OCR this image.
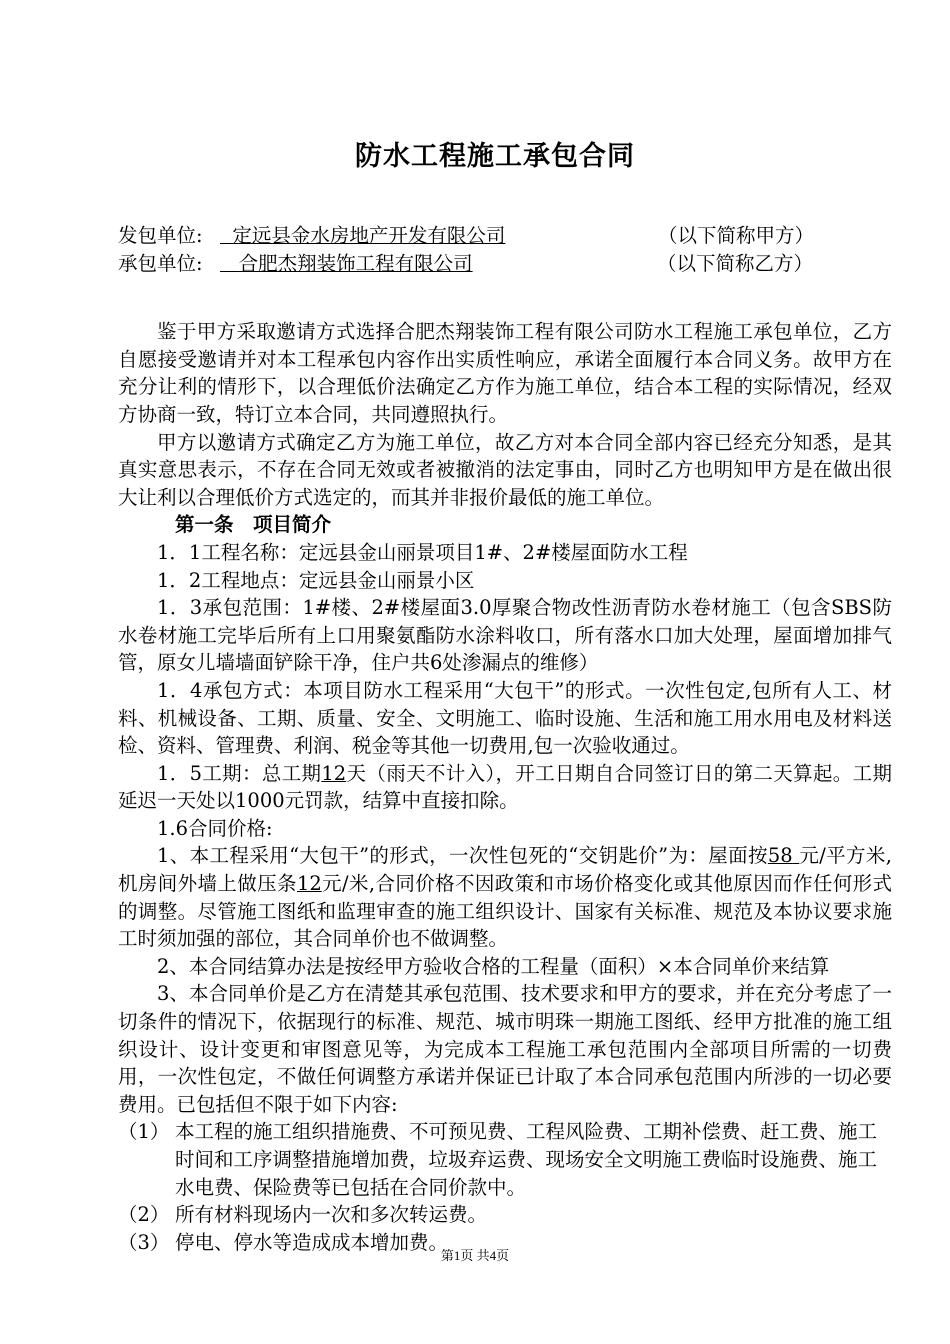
防水工程施工承包合同
发包单位: 定远县金水房地产开发有限公司	（以下简称甲方）
承包单位: 合肥杰翔装饰工程有限公司	（以下简称乙方）

鉴于甲方采取邀请方式选择合肥杰翔装饰工程有限公司防水工程施工承包单位，乙方自愿接受邀请并对本工程承包内容作出实质性响应，承诺全面履行本合同义务。故甲方在充分让利的情形下，以合理低价法确定乙方作为施工单位，结合本工程的实际情况，经双方协商一致，特订立本合同，共同遵照执行。

甲方以邀请方式确定乙方为施工单位，故乙方对本合同全部内容已经充分知悉，是其真实意思表示，不存在合同无效或者被撤消的法定事由，同时乙方也明知甲方是在做出很大让利以合理低价方式选定的，而其并非报价最低的施工单位。

第一条　项目简介

1．1工程名称：定远县金山丽景项目1#、2#楼屋面防水工程

1．2工程地点：定远县金山丽景小区

1．3承包范围：1#楼、2#楼屋面3.0厚聚合物改性沥青防水卷材施工（包含SBS防水卷材施工完毕后所有上口用聚氨酯防水涂料收口，所有落水口加大处理，屋面增加排气管，原女儿墙墙面铲除干净，住户共6处渗漏点的维修）

1．4承包方式：本项目防水工程采用“大包干”的形式。一次性包定,包所有人工、材料、机械设备、工期、质量、安全、文明施工、临时设施、生活和施工用水用电及材料送检、资料、管理费、利润、税金等其他一切费用,包一次验收通过。

1．5工期：总工期12天（雨天不计入），开工日期自合同签订日的第二天算起。工期延迟一天处以1000元罚款，结算中直接扣除。

1.6合同价格:

1、本工程采用“大包干”的形式，一次性包死的“交钥匙价”为：屋面按58 元/平方米,机房间外墙上做压条12元/米,合同价格不因政策和市场价格变化或其他原因而作任何形式的调整。尽管施工图纸和监理审查的施工组织设计、国家有关标准、规范及本协议要求施工时须加强的部位，其合同单价也不做调整。

2、本合同结算办法是按经甲方验收合格的工程量（面积）×本合同单价来结算

3、本合同单价是乙方在清楚其承包范围、技术要求和甲方的要求，并在充分考虑了一切条件的情况下，依据现行的标准、规范、城市明珠一期施工图纸、经甲方批准的施工组织设计、设计变更和审图意见等，为完成本工程施工承包范围内全部项目所需的一切费用，一次性包定，不做任何调整方承诺并保证已计取了本合同承包范围内所涉的一切必要费用。已包括但不限于如下内容:

（1） 本工程的施工组织措施费、不可预见费、工程风险费、工期补偿费、赶工费、施工时间和工序调整措施增加费，垃圾弃运费、现场安全文明施工费临时设施费、施工水电费、保险费等已包括在合同价款中。
（2） 所有材料现场内一次和多次转运费。
（3） 停电、停水等造成成本增加费。
第1页 共4页
